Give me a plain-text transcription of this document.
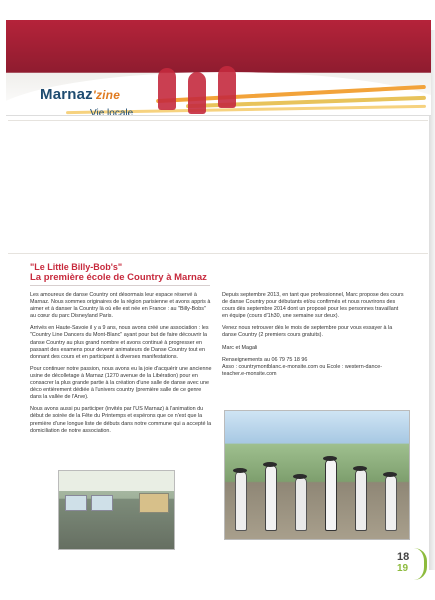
Marnaz'zine
Vie locale
"Le Little Billy-Bob's"
La première école de Country à Marnaz

Les amoureux de danse Country ont désormais leur espace réservé à Marnaz. Nous sommes originaires de la région parisienne et avons appris à aimer et à danser la Country là où elle est née en France : au "Billy-Bobs" au cœur du parc Disneyland Paris.

Arrivés en Haute-Savoie il y a 9 ans, nous avons créé une association : les "Country Line Dancers du Mont-Blanc" ayant pour but de faire découvrir la danse Country au plus grand nombre et avons continué à progresser en passant des examens pour devenir animateurs de Danse Country tout en donnant des cours et en participant à diverses manifestations.

Pour continuer notre passion, nous avons eu la joie d'acquérir une ancienne usine de décolletage à Marnaz (1270 avenue de la Libération) pour en consacrer la plus grande partie à la création d'une salle de danse avec une déco entièrement dédiée à l'univers country (première salle de ce genre dans la vallée de l'Arve).

Nous avons aussi pu participer (invités par l'US Marnaz) à l'animation du début de soirée de la Fête du Printemps et espérons que ce n'est que la première d'une longue liste de débuts dans notre commune qui a accepté la domiciliation de notre association.

Depuis septembre 2013, en tant que professionnel, Marc propose des cours de danse Country pour débutants et/ou confirmés et nous rouvrirons des cours dès septembre 2014 dont un proposé pour les personnes travaillant en équipe (cours d'1h30, une semaine sur deux).

Venez nous retrouver dès le mois de septembre pour vous essayer à la danse Country (2 premiers cours gratuits).

Marc et Magali

Renseignements au 06 79 75 18 96
Asso : countrymontblanc.e-monsite.com ou Ecole : western-dance-teacher.e-monsite.com

18
19
